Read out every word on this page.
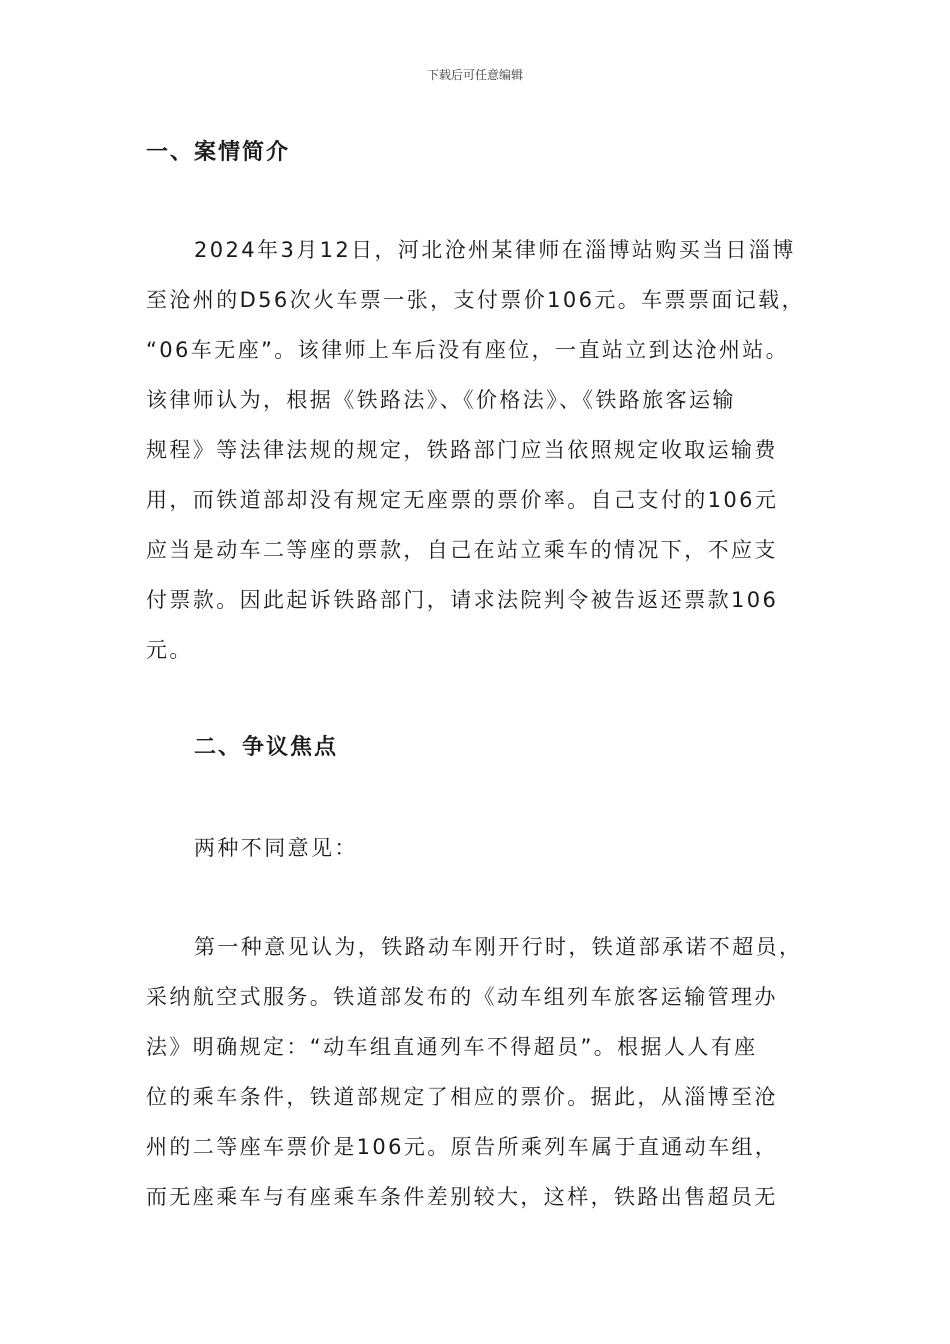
下载后可任意编辑
一、案情简介
2024年3月12日，河北沧州某律师在淄博站购买当日淄博
至沧州的D56次火车票一张，支付票价106元。车票票面记载，
“06车无座”。该律师上车后没有座位，一直站立到达沧州站。
该律师认为，根据《铁路法》、《价格法》、《铁路旅客运输
规程》等法律法规的规定，铁路部门应当依照规定收取运输费
用，而铁道部却没有规定无座票的票价率。自己支付的106元
应当是动车二等座的票款，自己在站立乘车的情况下，不应支
付票款。因此起诉铁路部门，请求法院判令被告返还票款106
元。
二、争议焦点
两种不同意见：
第一种意见认为，铁路动车刚开行时，铁道部承诺不超员，
采纳航空式服务。铁道部发布的《动车组列车旅客运输管理办
法》明确规定：“动车组直通列车不得超员”。根据人人有座
位的乘车条件，铁道部规定了相应的票价。据此，从淄博至沧
州的二等座车票价是106元。原告所乘列车属于直通动车组，
而无座乘车与有座乘车条件差别较大，这样，铁路出售超员无
